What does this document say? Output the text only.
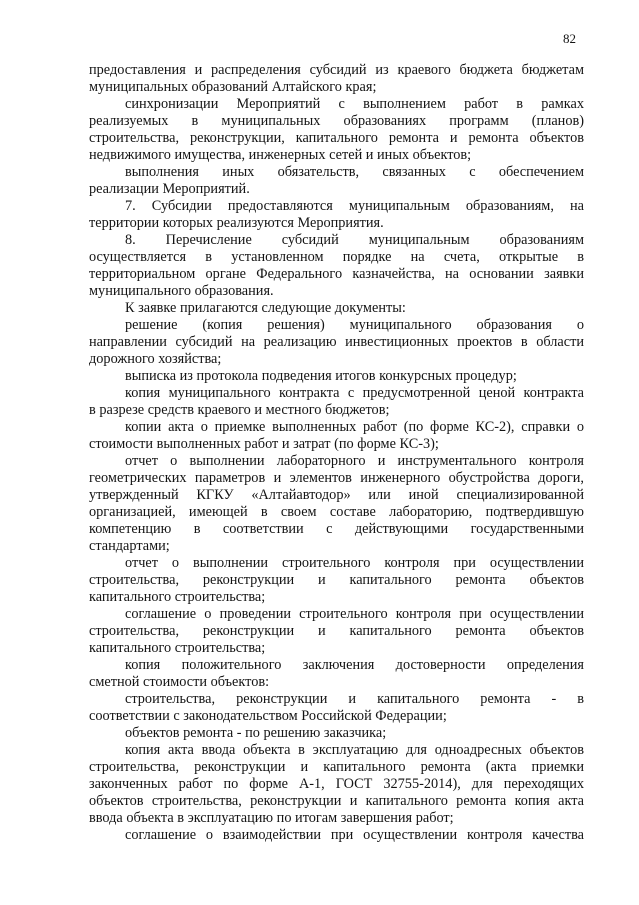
82
предоставления и распределения субсидий из краевого бюджета бюджетам
муниципальных образований Алтайского края;
синхронизации Мероприятий с выполнением работ в рамках
реализуемых в муниципальных образованиях программ (планов)
строительства, реконструкции, капитального ремонта и ремонта объектов
недвижимого имущества, инженерных сетей и иных объектов;
выполнения иных обязательств, связанных с обеспечением
реализации Мероприятий.
7. Субсидии предоставляются муниципальным образованиям, на
территории которых реализуются Мероприятия.
8. Перечисление субсидий муниципальным образованиям
осуществляется в установленном порядке на счета, открытые в
территориальном органе Федерального казначейства, на основании заявки
муниципального образования.
К заявке прилагаются следующие документы:
решение (копия решения) муниципального образования о
направлении субсидий на реализацию инвестиционных проектов в области
дорожного хозяйства;
выписка из протокола подведения итогов конкурсных процедур;
копия муниципального контракта с предусмотренной ценой контракта
в разрезе средств краевого и местного бюджетов;
копии акта о приемке выполненных работ (по форме КС-2), справки о
стоимости выполненных работ и затрат (по форме КС-3);
отчет о выполнении лабораторного и инструментального контроля
геометрических параметров и элементов инженерного обустройства дороги,
утвержденный КГКУ «Алтайавтодор» или иной специализированной
организацией, имеющей в своем составе лабораторию, подтвердившую
компетенцию в соответствии с действующими государственными
стандартами;
отчет о выполнении строительного контроля при осуществлении
строительства, реконструкции и капитального ремонта объектов
капитального строительства;
соглашение о проведении строительного контроля при осуществлении
строительства, реконструкции и капитального ремонта объектов
капитального строительства;
копия положительного заключения достоверности определения
сметной стоимости объектов:
строительства, реконструкции и капитального ремонта - в
соответствии с законодательством Российской Федерации;
объектов ремонта - по решению заказчика;
копия акта ввода объекта в эксплуатацию для одноадресных объектов
строительства, реконструкции и капитального ремонта (акта приемки
законченных работ по форме А-1, ГОСТ 32755-2014), для переходящих
объектов строительства, реконструкции и капитального ремонта копия акта
ввода объекта в эксплуатацию по итогам завершения работ;
соглашение о взаимодействии при осуществлении контроля качества
